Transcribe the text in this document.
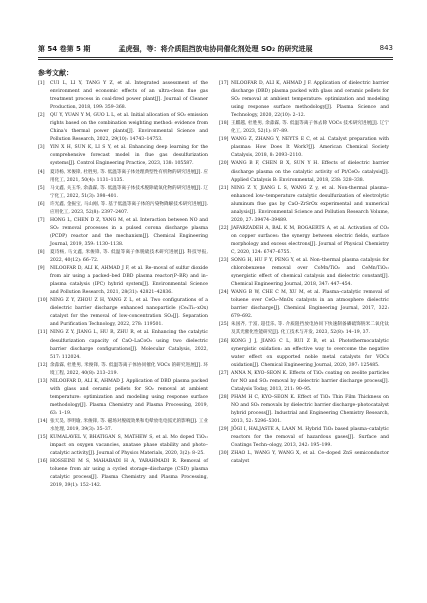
第 54 卷第 5 期	孟虎强，等：将介质阻挡放电协同催化剂处理 SO₂ 的研究进展	843
参考文献：
[1] CUI L, LI Y, TANG Y Z, et al. Integrated assessment of the environment and economic effects of an ultra-clean flue gas treatment process in coal-fired power plant[J]. Journal of Cleaner Production, 2018, 199: 359–368.
[2] QU Y, YUAN Y M, GUO L L, et al. Initial allocation of SO₂ emission rights based on the combination weighting method: evidence from China's thermal power plants[J]. Environmental Science and Pollution Research, 2022, 29(10): 14743–14753.
[3] YIN X H, SUN K, LI S Y, et al. Enhancing deep learning for the comprehensive forecast model in flue gas desulfurization systems[J]. Control Engineering Practice, 2023, 138: 105587.
[4] 夏诗杨, 米俊锋, 杜胜男, 等. 低温等离子体处理典型性有机物的研究进展[J]. 应用化工, 2021, 50(4): 1131–1135.
[5] 马文鑫, 关玉华, 余淼霖, 等. 低温等离子体技术脱除硫氧化物的研究进展[J]. 辽宁化工, 2022, 51(3): 398–401.
[6] 许光鑫, 金振宝, 马山刚, 等. 基于低温等离子体的污染物降解技术研究进展[J]. 应用化工, 2023, 52(8): 2397–2407.
[7] HONG L, CHEN D Z, YANG M, et al. Interaction between NO and SO₂ removal processes in a pulsed corona discharge plasma (PCDP) reactor and the mechanism[J]. Chemical Engineering Journal, 2019, 359: 1130–1138.
[8] 夏诗杨, 马文鑫, 米俊锋, 等. 低温等离子体脱硫技术研究进展[J]. 科技导报, 2022, 40(12): 66–72.
[9] NILOOFAR D, ALI K, AHMAD J F, et al. Re–moval of sulfur dioxide from air using a packed–bed DBD plasma reactor(P–BR) and in–plasma catalysis (IPC) hybrid system[J]. Environmental Science and Pollution Research, 2021, 28(31): 42821–42836.
[10] NING Z Y, ZHOU Z H, YANG Z L, et al. Two configurations of a dielectric barrier discharge enhanced nanoparticle (Ce₄Ti₁–xOx) catalyst for the removal of low-concentration SO₂[J]. Separation and Purification Technology, 2022, 278: 119501.
[11] NING Z Y, JIANG L, HU R, ZHU R, et al. Enhancing the catalytic desulfurization capacity of CaO–LaCoO₃ using two dielectric barrier discharge configurations[J]. Molecular Catalysis, 2022, 517: 112024.
[12] 余淼霖, 杜胜男, 米俊锋, 等. 低温等离子体协同催化 VOCs 的研究进展[J]. 环境工程, 2022, 40(8): 213–219.
[13] NILOOFAR D, ALI K, AHMAD J. Application of DBD plasma packed with glass and ceramic pellets for SO₂ removal at ambient temperature: optimization and modeling using response surface methodology[J]. Plasma Chemistry and Plasma Processing, 2019, 63: 1–19.
[14] 张天昊, 李明瑜, 米俊锋, 等. 磁场对脱硫效果和电晕放电电弧光的影响[J]. 工业水处理, 2019, 39(3): 35–37.
[15] KUMALAVEL V, BHATIGAN S, MATHEW S, et al. Mo doped TiO₂: impact on oxygen vacancies, anatase phase stability and photo–catalytic activity[J]. Journal of Physics Materials, 2020, 3(2): 8–25.
[16] HOSSEINI M S, MAHABADI H A, YARAHMADI R. Removal of toluene from air using a cycled storage–discharge (CSD) plasma catalytic process[J]. Plasma Chemistry and Plasma Processing, 2019, 39(1): 152–142.
[17] NILOOFAR D, ALI K, AHMAD J F. Application of dielectric barrier discharge (DBD) plasma packed with glass and ceramic pellets for SO₂ removal at ambient temperature: optimization and modeling using response surface methodology[J]. Plasma Science and Technology, 2020, 22(10): 2–12.
[18] 王麒越, 杜胜男, 余淼霖, 等. 低温等离子体去除 VOCs 技术研究进展[J]. 辽宁化工, 2023, 52(1): 87–89.
[19] WANG Z, ZHANG Y, NEYTS E C, et al. Catalyst preparation with plasmas: How Does It Work?[J]. American Chemical Society Catalysis, 2018, 8: 2093–2110.
[20] WANG B F, CHEN B X, SUN Y H. Effects of dielectric barrier discharge plasma on the catalytic activity of Pt/CeO₂ catalysis[J]. Applied Catalysis B: Environmental, 2018, 238: 328–338.
[21] NING Z Y, JIANG L S, WANG Z y, et al. Non-thermal plasma–enhanced low–temperature catalytic desulfurization of electrolytic aluminum flue gas by CaO–ZrSrOx experimental and numerical analysis[J]. Environmental Science and Pollution Research Volume, 2020, 27: 39474–39489.
[22] JAFARZADEH A, BAL K M, BOGAERTS A, et al. Activation of CO₂ on copper surfaces: the synergy between electric fields, surface morphology and excess electrons[J]. Journal of Physical Chemistry C, 2020, 124: 6747–6755.
[23] SONG H, HU F Y, PENG Y, et al. Non–thermal plasma catalysis for chlorobenzene removal over CoMn/TiO₂ and CeMn/TiO₂: synergistic effect of chemical catalysis and dielectric constant[J]. Chemical Engineering Journal, 2018, 347: 447–454.
[24] WANG B W, CHE C M, XU M, et al. Plasma–catalytic removal of toluene over CeO₂–MnOx catalysts in an atmosphere dielectric barrier discharge[J]. Chemical Engineering Journal, 2017, 322: 679–692.
[25] 朱国齐, 于富, 超佳乐, 等. 介质阻挡放电协同下快速制备磷硫饰钠米二氧化钛及其光催化性能研究[J]. 化工技术与开发, 2023, 52(8): 14–19, 37.
[26] KONG J J, JIANG C L, RUI Z B, et al. Photothermocatalytic synergistic oxidation: an effective way to overcome the negative water effect on supported noble metal catalysts for VOCs oxidation[J]. Chemical Engineering Journal, 2020, 397: 125485.
[27] ANNA N, KYO–SEON K. Effects of TiO₂ coating on zeolite particles for NO and SO₂ removal by dielectric barrier discharge process[J]. Catalysis Today, 2013, 211: 90–95.
[28] PHAM H C, KYO–SEON K. Effect of TiO₂ Thin Film Thickness on NO and SO₂ removals by dielectric barrier discharge–photocatalyst hybrid process[J]. Industrial and Engineering Chemistry Research, 2013, 52: 5296–5301.
[29] JÖGI I, HALJASTE A, LAAN M. Hybrid TiO₂ based plasma–catalytic reactors for the removal of hazardous gases[J]. Surface and Coatings Techn–ology, 2013, 242: 195–199.
[30] ZHAO L, WANG Y, WANG X, et al. Ce–doped ZnS semiconductor catalyst
